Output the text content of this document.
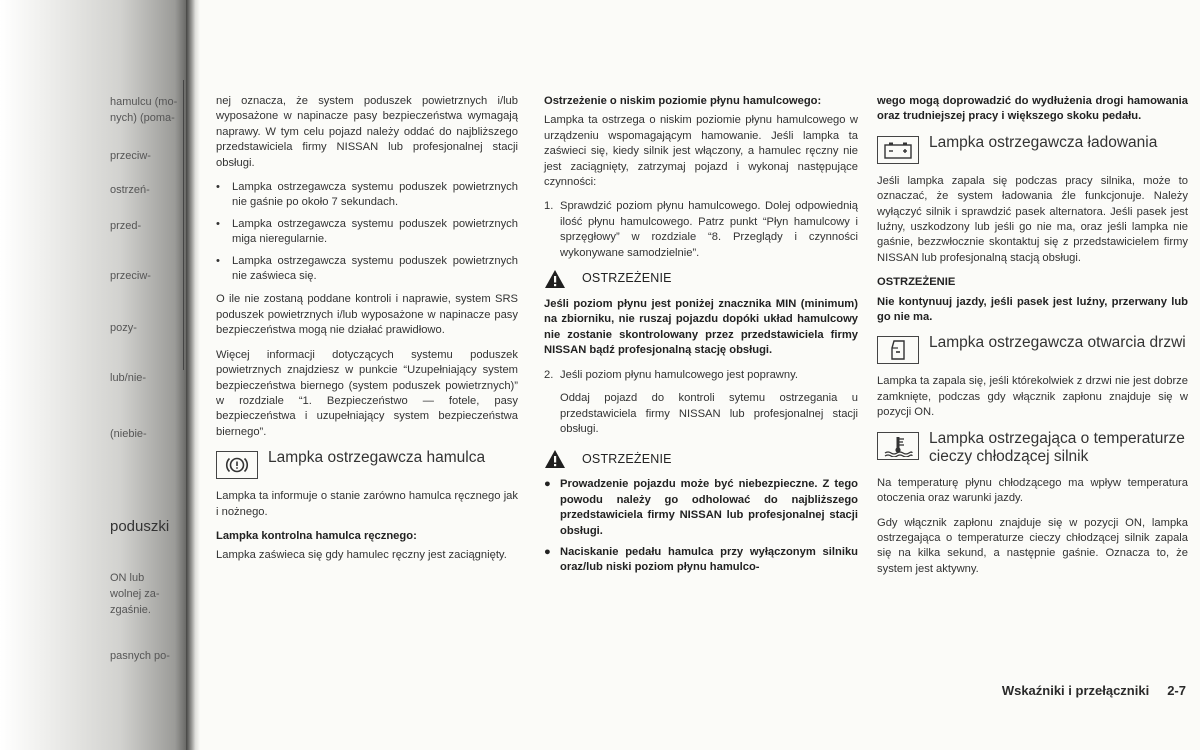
hamulcu (mo-
nych) (poma-
przeciw-
ostrzeń-
przed-
przeciw-
pozy-
lub/nie-
(niebie-
poduszki
ON lub
wolnej za-
zgaśnie.
pasnych po-

nej oznacza, że system poduszek powietrznych i/lub wyposażone w napinacze pasy bezpieczeństwa wymagają naprawy. W tym celu pojazd należy oddać do najbliższego przedstawiciela firmy NISSAN lub profesjonalnej stacji obsługi.

• Lampka ostrzegawcza systemu poduszek powietrznych nie gaśnie po około 7 sekundach.
• Lampka ostrzegawcza systemu poduszek powietrznych miga nieregularnie.
• Lampka ostrzegawcza systemu poduszek powietrznych nie zaświeca się.

O ile nie zostaną poddane kontroli i naprawie, system SRS poduszek powietrznych i/lub wyposażone w napinacze pasy bezpieczeństwa mogą nie działać prawidłowo.

Więcej informacji dotyczących systemu poduszek powietrznych znajdziesz w punkcie “Uzupełniający system bezpieczeństwa biernego (system poduszek powietrznych)” w rozdziale “1. Bezpieczeństwo — fotele, pasy bezpieczeństwa i uzupełniający system bezpieczeństwa biernego”.

Lampka ostrzegawcza hamulca

Lampka ta informuje o stanie zarówno hamulca ręcznego jak i nożnego.

Lampka kontrolna hamulca ręcznego:

Lampka zaświeca się gdy hamulec ręczny jest zaciągnięty.

Ostrzeżenie o niskim poziomie płynu hamulcowego:

Lampka ta ostrzega o niskim poziomie płynu hamulcowego w urządzeniu wspomagającym hamowanie. Jeśli lampka ta zaświeci się, kiedy silnik jest włączony, a hamulec ręczny nie jest zaciągnięty, zatrzymaj pojazd i wykonaj następujące czynności:

1. Sprawdzić poziom płynu hamulcowego. Dolej odpowiednią ilość płynu hamulcowego. Patrz punkt “Płyn hamulcowy i sprzęgłowy” w rozdziale “8. Przeglądy i czynności wykonywane samodzielnie”.
OSTRZEŻENIE

Jeśli poziom płynu jest poniżej znacznika MIN (minimum) na zbiorniku, nie ruszaj pojazdu dopóki układ hamulcowy nie zostanie skontrolowany przez przedstawiciela firmy NISSAN bądź profesjonalną stację obsługi.

2. Jeśli poziom płynu hamulcowego jest poprawny.
Oddaj pojazd do kontroli sytemu ostrzegania u przedstawiciela firmy NISSAN lub profesjonalnej stacji obsługi.
OSTRZEŻENIE
● Prowadzenie pojazdu może być niebezpieczne. Z tego powodu należy go odholować do najbliższego przedstawiciela firmy NISSAN lub profesjonalnej stacji obsługi.
● Naciskanie pedału hamulca przy wyłączonym silniku oraz/lub niski poziom płynu hamulco-

wego mogą doprowadzić do wydłużenia drogi hamowania oraz trudniejszej pracy i większego skoku pedału.

Lampka ostrzegawcza ładowania

Jeśli lampka zapala się podczas pracy silnika, może to oznaczać, że system ładowania źle funkcjonuje. Należy wyłączyć silnik i sprawdzić pasek alternatora. Jeśli pasek jest luźny, uszkodzony lub jeśli go nie ma, oraz jeśli lampka nie gaśnie, bezzwłocznie skontaktuj się z przedstawicielem firmy NISSAN lub profesjonalną stacją obsługi.

OSTRZEŻENIE

Nie kontynuuj jazdy, jeśli pasek jest luźny, przerwany lub go nie ma.

Lampka ostrzegawcza otwarcia drzwi

Lampka ta zapala się, jeśli którekolwiek z drzwi nie jest dobrze zamknięte, podczas gdy włącznik zapłonu znajduje się w pozycji ON.

Lampka ostrzegająca o temperaturze cieczy chłodzącej silnik

Na temperaturę płynu chłodzącego ma wpływ temperatura otoczenia oraz warunki jazdy.

Gdy włącznik zapłonu znajduje się w pozycji ON, lampka ostrzegająca o temperaturze cieczy chłodzącej silnik zapala się na kilka sekund, a następnie gaśnie. Oznacza to, że system jest aktywny.

Wskaźniki i przełączniki 2-7
